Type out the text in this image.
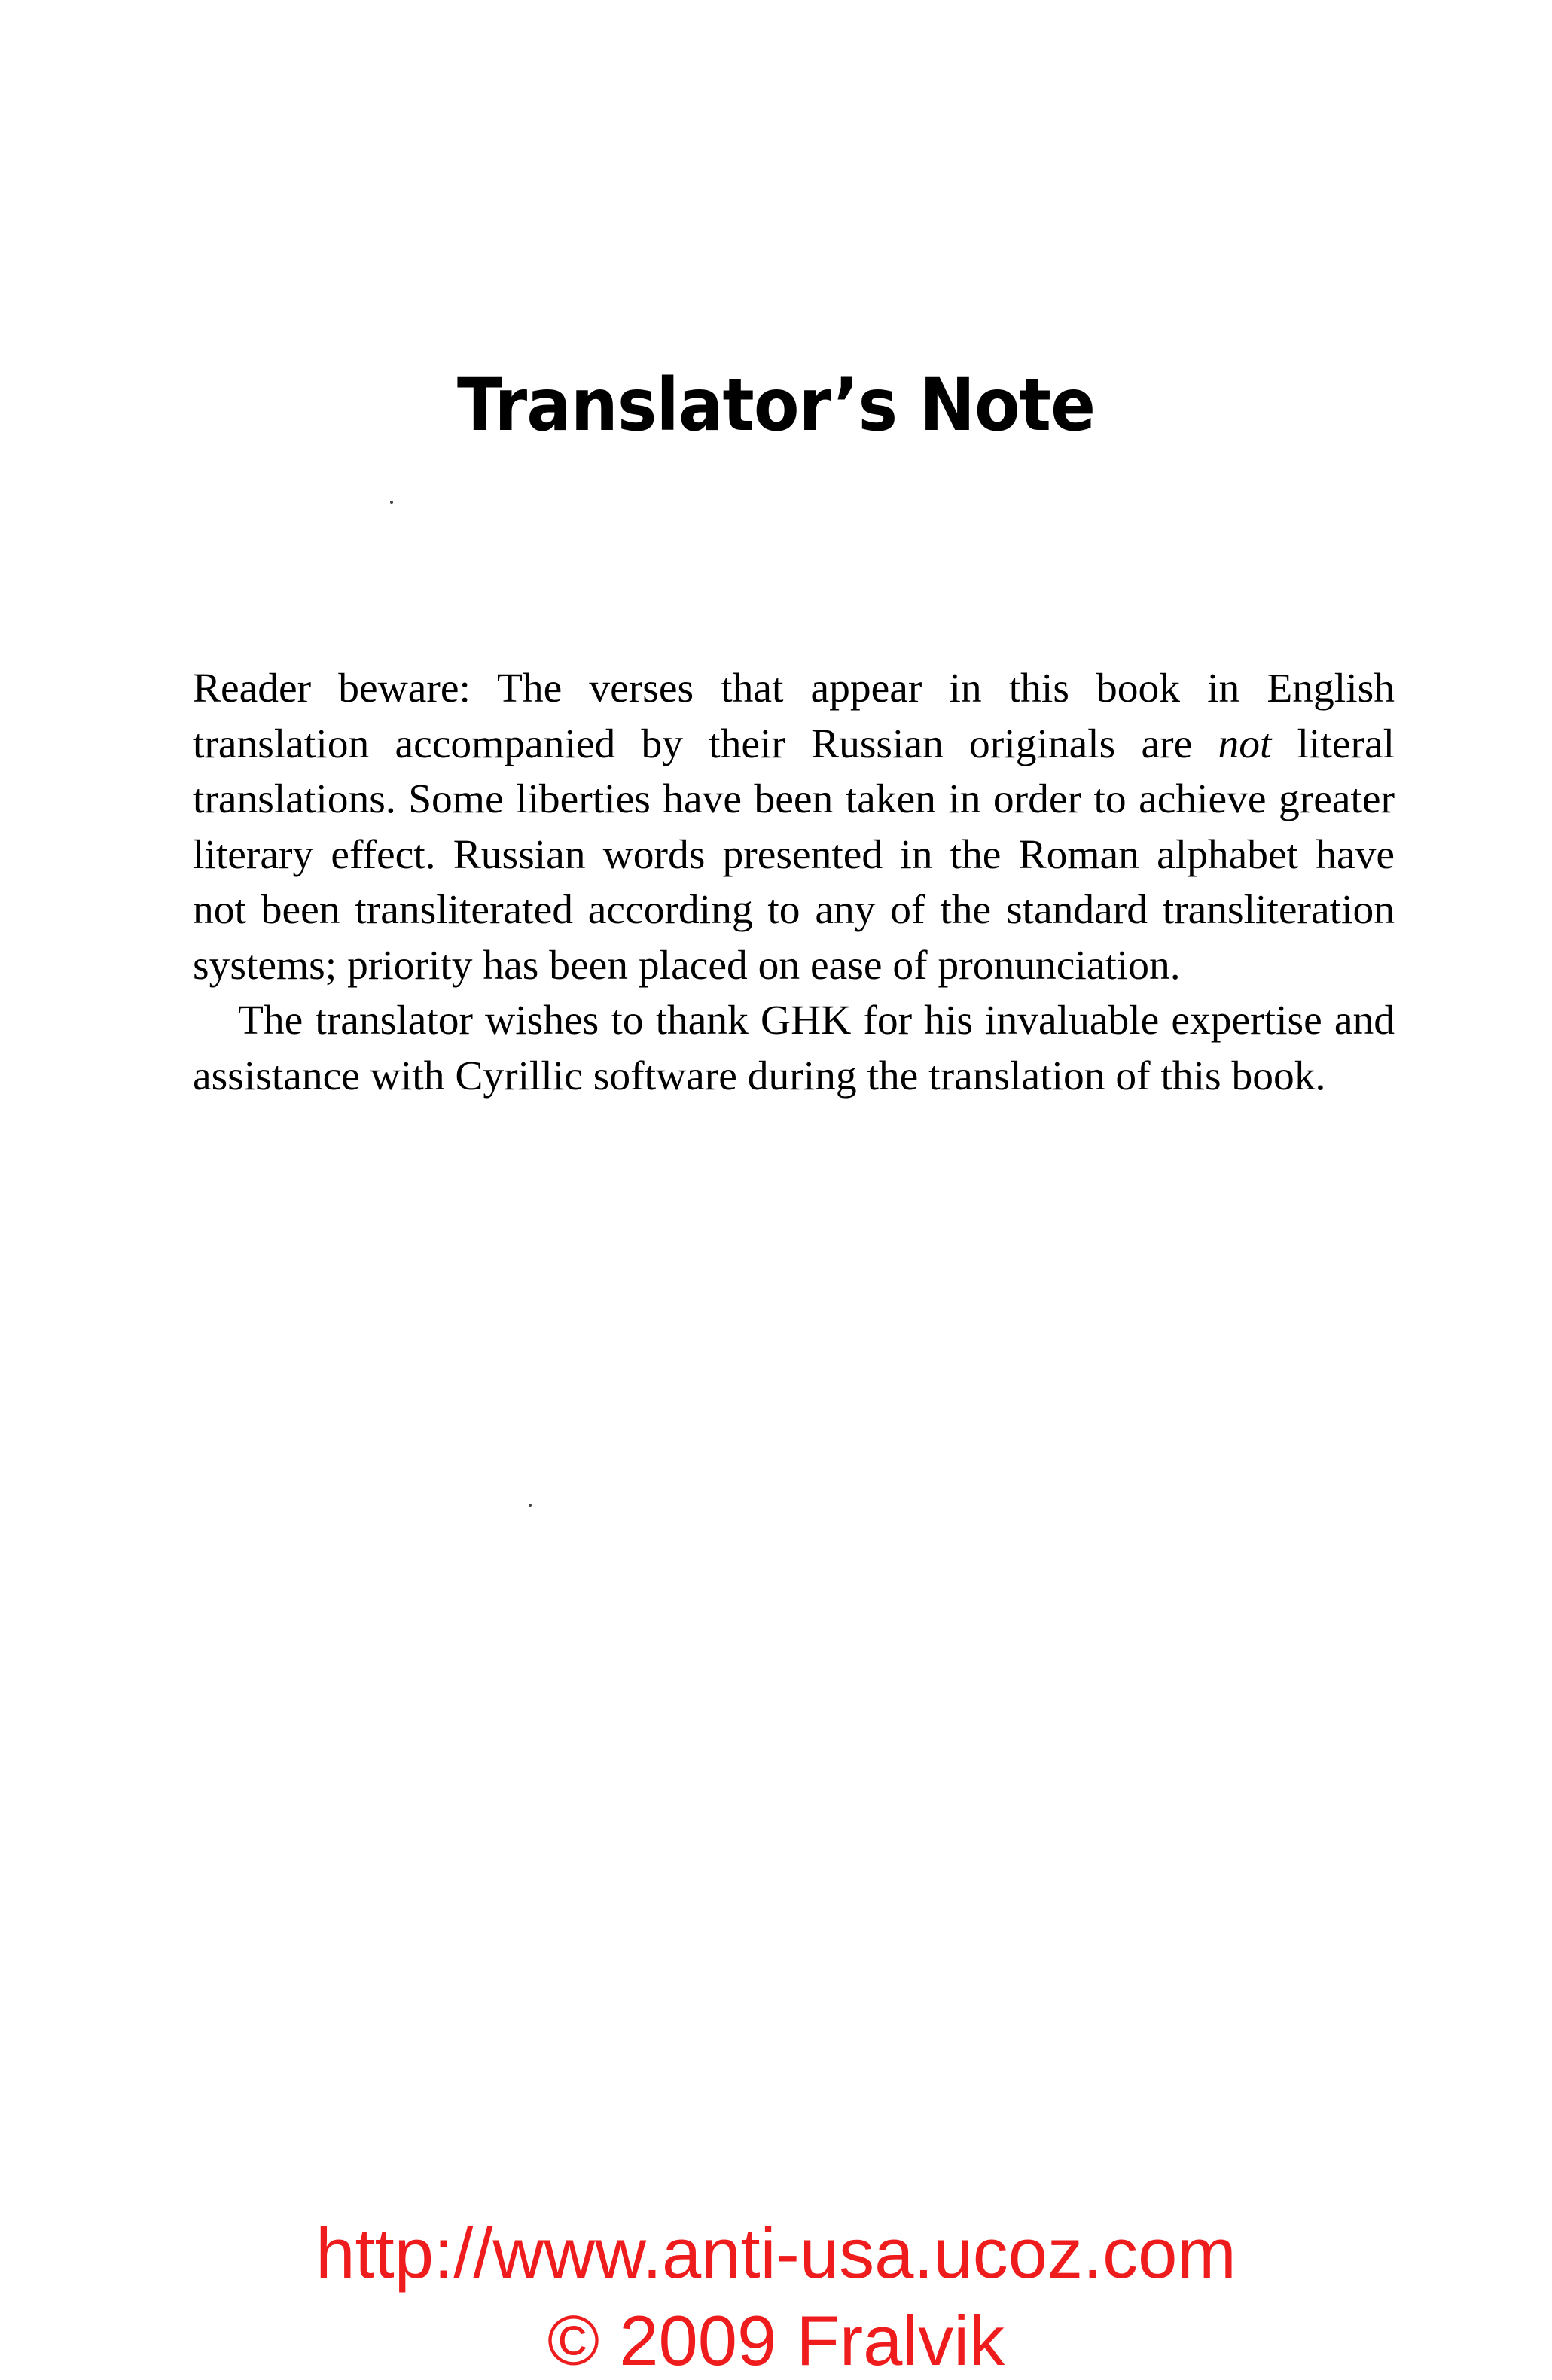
Translator’s Note

Reader beware: The verses that appear in this book in English translation accompanied by their Russian originals are not literal translations. Some liberties have been taken in order to achieve greater literary effect. Russian words presented in the Roman alphabet have not been transliterated according to any of the standard transliteration systems; priority has been placed on ease of pronunciation.

The translator wishes to thank GHK for his invaluable expertise and assistance with Cyrillic software during the translation of this book.

http://www.anti-usa.ucoz.com
© 2009 Fralvik
